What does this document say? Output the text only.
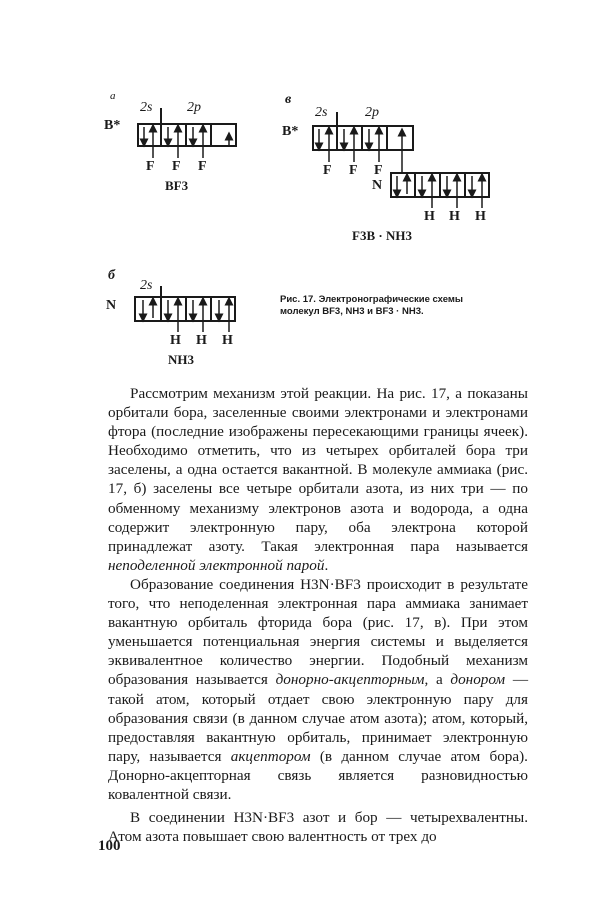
а
2s 2p
B*
F F F
BF3
в
2s	2p
B*
F F F
N
H H H
F3B · NH3
б
2s
N
H H H
NH3
Рис. 17. Электронографические схемы молекул BF3, NH3 и BF3 · NH3.

Рассмотрим механизм этой реакции. На рис. 17, а показаны орбитали бора, заселенные своими электронами и электронами фтора (последние изображены пересекающими границы ячеек). Необходимо отметить, что из четырех орбиталей бора три заселены, а одна остается вакантной. В молекуле аммиака (рис. 17, б) заселены все четыре орбитали азота, из них три — по обменному механизму электронов азота и водорода, а одна содержит электронную пару, оба электрона которой принадлежат азоту. Такая электронная пара называется неподеленной электронной парой.

Образование соединения H3N·BF3 происходит в результате того, что неподеленная электронная пара аммиака занимает вакантную орбиталь фторида бора (рис. 17, в). При этом уменьшается потенциальная энергия системы и выделяется эквивалентное количество энергии. Подобный механизм образования называется донорно-акцепторным, а донором — такой атом, который отдает свою электронную пару для образования связи (в данном случае атом азота); атом, который, предоставляя вакантную орбиталь, принимает электронную пару, называется акцептором (в данном случае атом бора). Донорно-акцепторная связь является разновидностью ковалентной связи.

В соединении H3N·BF3 азот и бор — четырехвалентны. Атом азота повышает свою валентность от трех до

100
